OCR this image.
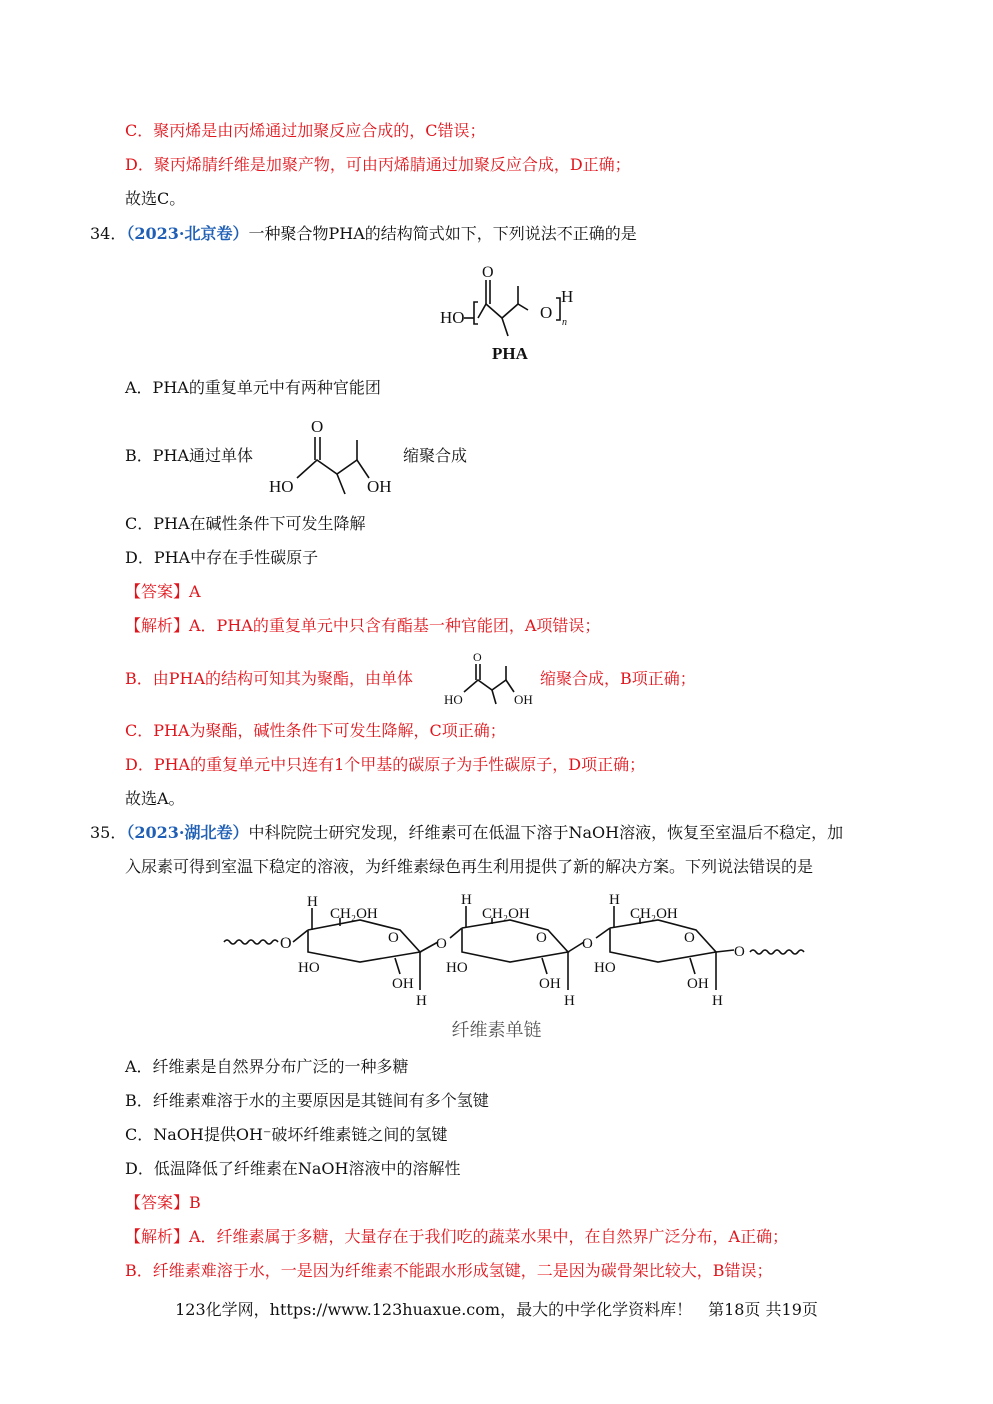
C．聚丙烯是由丙烯通过加聚反应合成的，C错误；
D．聚丙烯腈纤维是加聚产物，可由丙烯腈通过加聚反应合成，D正确；
故选C。
34．（2023·北京卷）一种聚合物PHA的结构简式如下，下列说法不正确的是
HO
O
O
H
n
PHA
A．PHA的重复单元中有两种官能团
B．PHA通过单体
O
HO	OH
缩聚合成
C．PHA在碱性条件下可发生降解
D．PHA中存在手性碳原子
【答案】A
【解析】A．PHA的重复单元中只含有酯基一种官能团，A项错误；
B．由PHA的结构可知其为聚酯，由单体
O
HO	OH
缩聚合成，B项正确；
C．PHA为聚酯，碱性条件下可发生降解，C项正确；
D．PHA的重复单元中只连有1个甲基的碳原子为手性碳原子，D项正确；
故选A。
35．（2023·湖北卷）中科院院士研究发现，纤维素可在低温下溶于NaOH溶液，恢复至室温后不稳定，加
入尿素可得到室温下稳定的溶液，为纤维素绿色再生利用提供了新的解决方案。下列说法错误的是
O
H
CH₂OH
O
HO
OH
H
O
H
CH₂OH
O
HO
OH
H
O
H
CH₂OH
O
HO
OH
H
O
纤维素单链
A．纤维素是自然界分布广泛的一种多糖
B．纤维素难溶于水的主要原因是其链间有多个氢键
C．NaOH提供OH⁻破坏纤维素链之间的氢键
D．低温降低了纤维素在NaOH溶液中的溶解性
【答案】B
【解析】A．纤维素属于多糖，大量存在于我们吃的蔬菜水果中，在自然界广泛分布，A正确；
B．纤维素难溶于水，一是因为纤维素不能跟水形成氢键，二是因为碳骨架比较大，B错误；
123化学网，https://www.123huaxue.com，最大的中学化学资料库！　第18页 共19页
